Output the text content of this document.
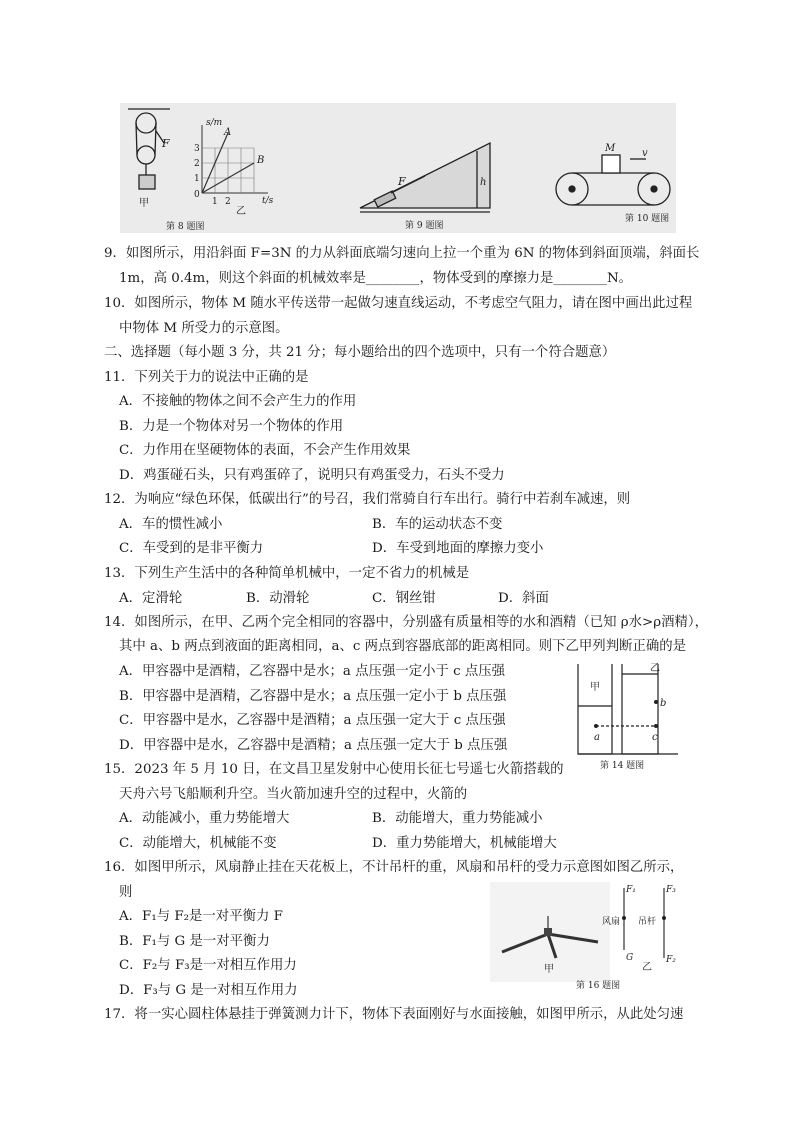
F
甲
s/m
t/s
1
2
3
0
1 2
A
B
乙
第 8 题图
F	h
第 9 题图
M	v
第 10 题图
甲
乙
a	c
b
第 14 题图
甲
风扇 吊杆
F₁	F₃
G	F₂
乙
第 16 题图
9．如图所示，用沿斜面 F=3N 的力从斜面底端匀速向上拉一个重为 6N 的物体到斜面顶端，斜面长
1m，高 0.4m，则这个斜面的机械效率是________，物体受到的摩擦力是________N。
10．如图所示，物体 M 随水平传送带一起做匀速直线运动，不考虑空气阻力，请在图中画出此过程
中物体 M 所受力的示意图。
二、选择题（每小题 3 分，共 21 分；每小题给出的四个选项中，只有一个符合题意）
11．下列关于力的说法中正确的是
A．不接触的物体之间不会产生力的作用
B．力是一个物体对另一个物体的作用
C．力作用在坚硬物体的表面，不会产生作用效果
D．鸡蛋碰石头，只有鸡蛋碎了，说明只有鸡蛋受力，石头不受力
12．为响应“绿色环保，低碳出行”的号召，我们常骑自行车出行。骑行中若刹车减速，则
A．车的惯性减小	B．车的运动状态不变
C．车受到的是非平衡力	D．车受到地面的摩擦力变小
13．下列生产生活中的各种简单机械中，一定不省力的机械是
A．定滑轮	B．动滑轮	C．钢丝钳	D．斜面
14．如图所示，在甲、乙两个完全相同的容器中，分别盛有质量相等的水和酒精（已知 ρ水>ρ酒精），
其中 a、b 两点到液面的距离相同，a、c 两点到容器底部的距离相同。则下乙甲列判断正确的是
A．甲容器中是酒精，乙容器中是水；a 点压强一定小于 c 点压强
B．甲容器中是酒精，乙容器中是水；a 点压强一定小于 b 点压强
C．甲容器中是水，乙容器中是酒精；a 点压强一定大于 c 点压强
D．甲容器中是水，乙容器中是酒精；a 点压强一定大于 b 点压强
15．2023 年 5 月 10 日，在文昌卫星发射中心使用长征七号遥七火箭搭载的
天舟六号飞船顺利升空。当火箭加速升空的过程中，火箭的
A．动能减小，重力势能增大	B．动能增大，重力势能减小
C．动能增大，机械能不变	D．重力势能增大，机械能增大
16．如图甲所示，风扇静止挂在天花板上，不计吊杆的重，风扇和吊杆的受力示意图如图乙所示，
则
A．F₁与 F₂是一对平衡力 F
B．F₁与 G 是一对平衡力
C．F₂与 F₃是一对相互作用力
D．F₃与 G 是一对相互作用力
17．将一实心圆柱体悬挂于弹簧测力计下，物体下表面刚好与水面接触，如图甲所示，从此处匀速
